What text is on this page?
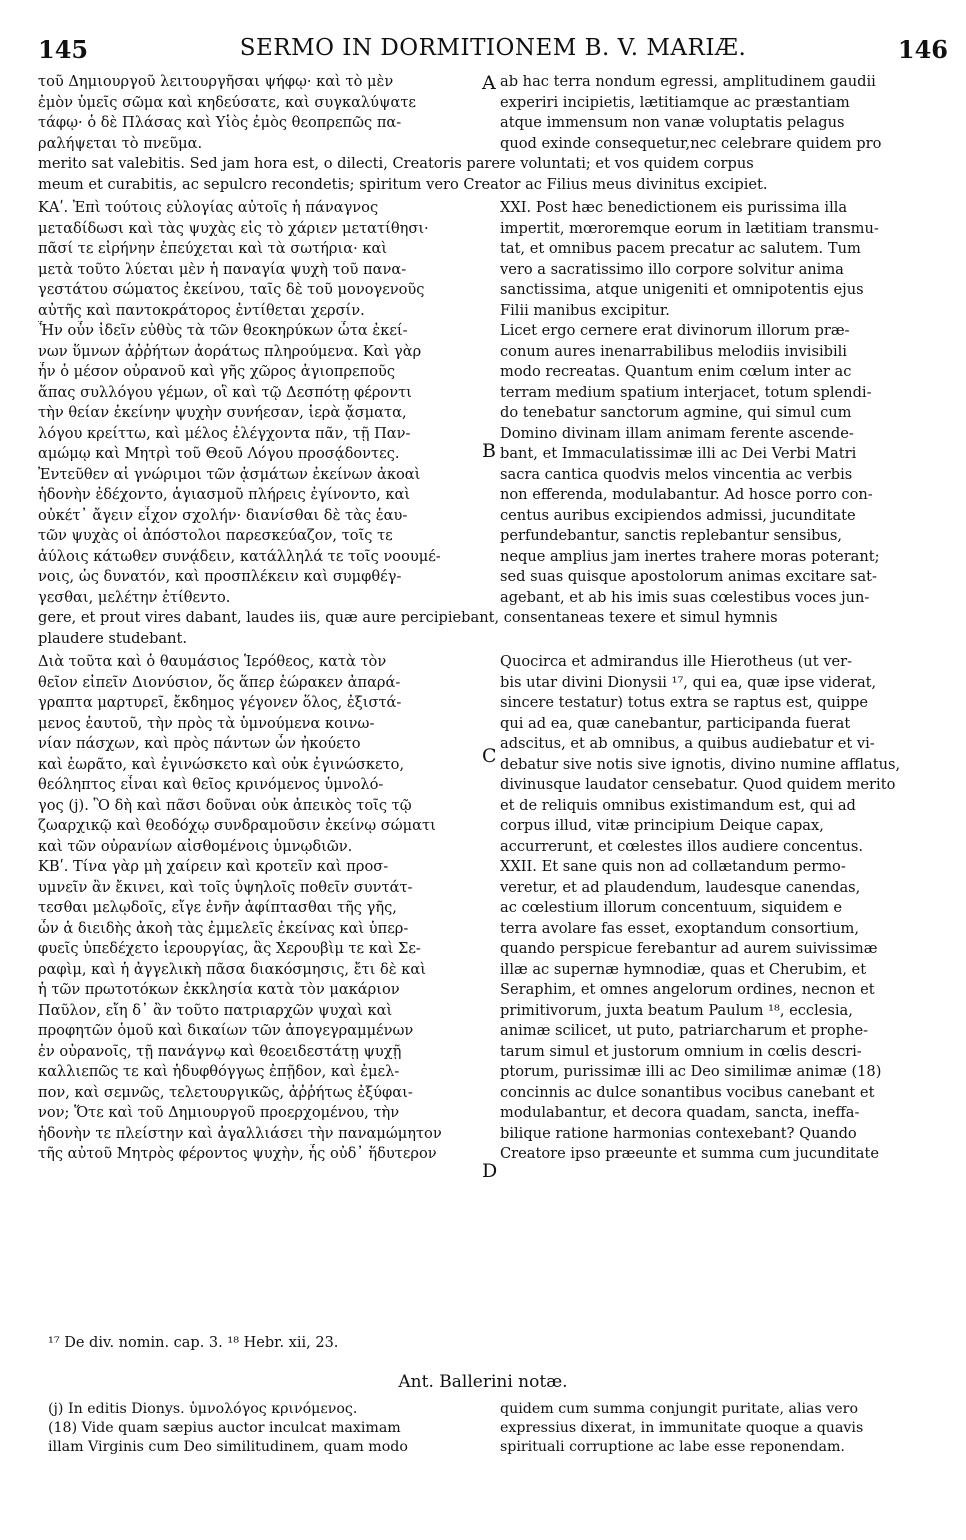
145	SERMO IN DORMITIONEM B. V. MARIÆ.	146
τοῦ Δημιουργοῦ λειτουργῆσαι ψήφῳ· καὶ τὸ μὲν
ἐμὸν ὑμεῖς σῶμα καὶ κηδεύσατε, καὶ συγκαλύψατε
τάφῳ· ὁ δὲ Πλάσας καὶ Υἱὸς ἐμὸς θεοπρεπῶς πα-
ραλήψεται τὸ πνεῦμα.
A ab hac terra nondum egressi, amplitudinem gaudii
experiri incipietis, lætitiamque ac præstantiam
atque immensum non vanæ voluptatis pelagus
quod exinde consequetur,nec celebrare quidem pro
merito sat valebitis. Sed jam hora est, o dilecti, Creatoris parere voluntati; et vos quidem corpus
meum et curabitis, ac sepulcro recondetis; spiritum vero Creator ac Filius meus divinitus excipiet.
ΚΑʹ. Ἐπὶ τούτοις εὐλογίας αὐτοῖς ἡ πάναγνος
μεταδίδωσι καὶ τὰς ψυχὰς εἰς τὸ χάριεν μετατίθησι·
πᾶσί τε εἰρήνην ἐπεύχεται καὶ τὰ σωτήρια· καὶ
μετὰ τοῦτο λύεται μὲν ἡ παναγία ψυχὴ τοῦ πανα-
γεστάτου σώματος ἐκείνου, ταῖς δὲ τοῦ μονογενοῦς
αὐτῆς καὶ παντοκράτορος ἐντίθεται χερσίν.
Ἦν οὖν ἰδεῖν εὐθὺς τὰ τῶν θεοκηρύκων ὦτα ἐκεί-
νων ὕμνων ἀῤῥήτων ἀοράτως πληρούμενα. Καὶ γὰρ
ἦν ὁ μέσον οὐρανοῦ καὶ γῆς χῶρος ἁγιοπρεποῦς
ἅπας συλλόγου γέμων, οἳ καὶ τῷ Δεσπότῃ φέροντι
τὴν θείαν ἐκείνην ψυχὴν συνήεσαν, ἱερὰ ᾄσματα,
λόγου κρείττω, καὶ μέλος ἐλέγχοντα πᾶν, τῇ Παν-
αμώμῳ καὶ Μητρὶ τοῦ Θεοῦ Λόγου προσᾴδοντες.
Ἐντεῦθεν αἱ γνώριμοι τῶν ᾀσμάτων ἐκείνων ἀκοαὶ
ἡδονὴν ἐδέχοντο, ἁγιασμοῦ πλήρεις ἐγίνοντο, καὶ
οὐκέτ᾽ ἄγειν εἶχον σχολήν· διανίσθαι δὲ τὰς ἑαυ-
τῶν ψυχὰς οἱ ἀπόστολοι παρεσκεύαζον, τοῖς τε
ἀύλοις κάτωθεν συνᾴδειν, κατάλληλά τε τοῖς νοουμέ-
νοις, ὡς δυνατόν, καὶ προσπλέκειν καὶ συμφθέγ-
γεσθαι, μελέτην ἐτίθεντο.
B
XXI. Post hæc benedictionem eis purissima illa
impertit, mœroremque eorum in lætitiam transmu-
tat, et omnibus pacem precatur ac salutem. Tum
vero a sacratissimo illo corpore solvitur anima
sanctissima, atque unigeniti et omnipotentis ejus
Filii manibus excipitur.
Licet ergo cernere erat divinorum illorum præ-
conum aures inenarrabilibus melodiis invisibili
modo recreatas. Quantum enim cœlum inter ac
terram medium spatium interjacet, totum splendi-
do tenebatur sanctorum agmine, qui simul cum
Domino divinam illam animam ferente ascende-
bant, et Immaculatissimæ illi ac Dei Verbi Matri
sacra cantica quodvis melos vincentia ac verbis
non efferenda, modulabantur. Ad hosce porro con-
centus auribus excipiendos admissi, jucunditate
perfundebantur, sanctis replebantur sensibus,
neque amplius jam inertes trahere moras poterant;
sed suas quisque apostolorum animas excitare sat-
agebant, et ab his imis suas cœlestibus voces jun-
gere, et prout vires dabant, laudes iis, quæ aure percipiebant, consentaneas texere et simul hymnis
plaudere studebant.
Διὰ τοῦτα καὶ ὁ θαυμάσιος Ἱερόθεος, κατὰ τὸν
θεῖον εἰπεῖν Διονύσιον, ὅς ἅπερ ἑώρακεν ἀπαρά-
γραπτα μαρτυρεῖ, ἔκδημος γέγονεν ὅλος, ἐξιστά-
μενος ἑαυτοῦ, τὴν πρὸς τὰ ὑμνούμενα κοινω-
νίαν πάσχων, καὶ πρὸς πάντων ὧν ἠκούετο
καὶ ἑωρᾶτο, καὶ ἐγινώσκετο καὶ οὐκ ἐγινώσκετο,
θεόληπτος εἶναι καὶ θεῖος κρινόμενος ὑμνολό-
γος (j). Ὃ δὴ καὶ πᾶσι δοῦναι οὐκ ἀπεικὸς τοῖς τῷ
ζωαρχικῷ καὶ θεοδόχῳ συνδραμοῦσιν ἐκείνῳ σώματι
καὶ τῶν οὐρανίων αἰσθομένοις ὑμνῳδιῶν.
ΚΒʹ. Τίνα γὰρ μὴ χαίρειν καὶ κροτεῖν καὶ προσ-
υμνεῖν ἂν ἔκινει, καὶ τοῖς ὑψηλοῖς ποθεῖν συντάτ-
τεσθαι μελῳδοῖς, εἴγε ἐνῆν ἀφίπτασθαι τῆς γῆς,
ὧν ἁ διειδὴς ἀκοὴ τὰς ἐμμελεῖς ἐκείνας καὶ ὑπερ-
φυεῖς ὑπεδέχετο ἱερουργίας, ἃς Χερουβὶμ τε καὶ Σε-
ραφὶμ, καὶ ἡ ἀγγελικὴ πᾶσα διακόσμησις, ἔτι δὲ καὶ
ἡ τῶν πρωτοτόκων ἐκκλησία κατὰ τὸν μακάριον
Παῦλον, εἴη δ᾽ ἂν τοῦτο πατριαρχῶν ψυχαὶ καὶ
προφητῶν ὁμοῦ καὶ δικαίων τῶν ἀπογεγραμμένων
ἐν οὐρανοῖς, τῇ πανάγνῳ καὶ θεοειδεστάτῃ ψυχῇ
καλλιεπῶς τε καὶ ἡδυφθόγγως ἐπῇδον, καὶ ἐμελ-
πον, καὶ σεμνῶς, τελετουργικῶς, ἀῤῥήτως ἐξύφαι-
νον; Ὅτε καὶ τοῦ Δημιουργοῦ προερχομένου, τὴν
ἡδονὴν τε πλείστην καὶ ἀγαλλιάσει τὴν παναμώμητον
τῆς αὐτοῦ Μητρὸς φέροντος ψυχὴν, ἧς οὐδ᾽ ἥδυτερον
C
D
Quocirca et admirandus ille Hierotheus (ut ver-
bis utar divini Dionysii ¹⁷, qui ea, quæ ipse viderat,
sincere testatur) totus extra se raptus est, quippe
qui ad ea, quæ canebantur, participanda fuerat
adscitus, et ab omnibus, a quibus audiebatur et vi-
debatur sive notis sive ignotis, divino numine afflatus,
divinusque laudator censebatur. Quod quidem merito
et de reliquis omnibus existimandum est, qui ad
corpus illud, vitæ principium Deique capax,
accurrerunt, et cœlestes illos audiere concentus.
XXII. Et sane quis non ad collætandum permo-
veretur, et ad plaudendum, laudesque canendas,
ac cœlestium illorum concentuum, siquidem e
terra avolare fas esset, exoptandum consortium,
quando perspicue ferebantur ad aurem suivissimæ
illæ ac supernæ hymnodiæ, quas et Cherubim, et
Seraphim, et omnes angelorum ordines, necnon et
primitivorum, juxta beatum Paulum ¹⁸, ecclesia,
animæ scilicet, ut puto, patriarcharum et prophe-
tarum simul et justorum omnium in cœlis descri-
ptorum, purissimæ illi ac Deo similimæ animæ (18)
concinnis ac dulce sonantibus vocibus canebant et
modulabantur, et decora quadam, sancta, ineffa-
bilique ratione harmonias contexebant? Quando
Creatore ipso præeunte et summa cum jucunditate
¹⁷ De div. nomin. cap. 3. ¹⁸ Hebr. xii, 23.
Ant. Ballerini notæ.
(j) In editis Dionys. ὑμνολόγος κρινόμενος.
(18) Vide quam sæpius auctor inculcat maximam
illam Virginis cum Deo similitudinem, quam modo
quidem cum summa conjungit puritate, alias vero
expressius dixerat, in immunitate quoque a quavis
spirituali corruptione ac labe esse reponendam.
